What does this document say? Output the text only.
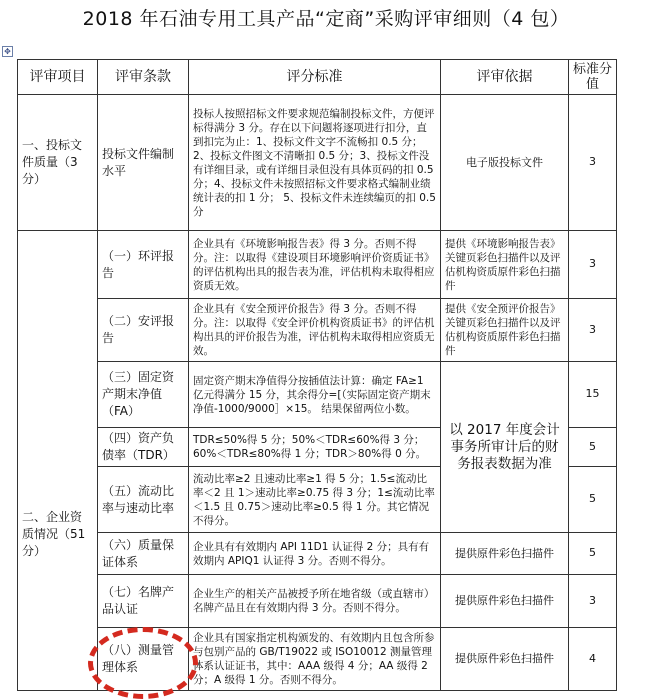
2018 年石油专用工具产品“定商”采购评审细则（4 包）
✥
评审项目	评审条款	评分标准	评审依据	标准分值
一、投标文件质量（3 分）	投标文件编制水平	投标人按照招标文件要求规范编制投标文件，方便评标得满分 3 分。存在以下问题将逐项进行扣分，直到扣完为止：1、投标文件文字不流畅扣 0.5 分；2、投标文件图文不清晰扣 0.5 分；3、投标文件没有详细目录，或有详细目录但没有具体页码的扣 0.5 分；4、投标文件未按照招标文件要求格式编制业绩统计表的扣 1 分； 5、投标文件未连续编页的扣 0.5 分	电子版投标文件	3
二、企业资质情况（51 分）	（一）环评报告	企业具有《环境影响报告表》得 3 分。否则不得分。注：以取得《建设项目环境影响评价资质证书》的评估机构出具的报告表为准，评估机构未取得相应资质无效。	提供《环境影响报告表》关键页彩色扫描件以及评估机构资质原件彩色扫描件	3
	（二）安评报告	企业具有《安全预评价报告》得 3 分。否则不得分。注：以取得《安全评价机构资质证书》的评估机构出具的评价报告为准，评估机构未取得相应资质无效。	提供《安全预评价报告》关键页彩色扫描件以及评估机构资质原件彩色扫描件	3
	（三）固定资产期末净值（FA）	固定资产期末净值得分按插值法计算：确定 FA≥1 亿元得满分 15 分，其余得分=[（实际固定资产期末净值-1000/9000］×15。 结果保留两位小数。	以 2017 年度会计事务所审计后的财务报表数据为准	15
	（四）资产负债率（TDR）	TDR≤50%得 5 分；50%＜TDR≤60%得 3 分；60%＜TDR≤80%得 1 分；TDR＞80%得 0 分。		5
	（五）流动比率与速动比率	流动比率≥2 且速动比率≥1 得 5 分；1.5≤流动比率＜2 且 1＞速动比率≥0.75 得 3 分；1≤流动比率＜1.5 且 0.75＞速动比率≥0.5 得 1 分。其它情况不得分。		5
	（六）质量保证体系	企业具有有效期内 API 11D1 认证得 2 分；具有有效期内 APIQ1 认证得 3 分。否则不得分。	提供原件彩色扫描件	5
	（七）名牌产品认证	企业生产的相关产品被授予所在地省级（或直辖市）名牌产品且在有效期内得 3 分。否则不得分。	提供原件彩色扫描件	3
	（八）测量管理体系	企业具有国家指定机构颁发的、有效期内且包含所参与包别产品的 GB/T19022 或 ISO10012 测量管理体系认证证书，其中：AAA 级得 4 分；AA 级得 2 分；A 级得 1 分。否则不得分。	提供原件彩色扫描件	4
